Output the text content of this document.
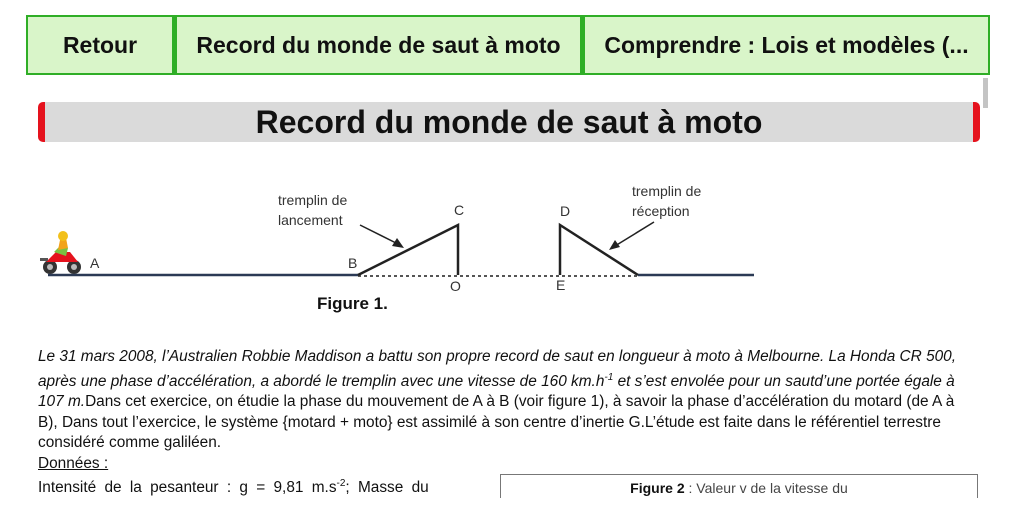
Retour	Record du monde de saut à moto	Comprendre : Lois et modèles (...
Record du monde de saut à moto
tremplin de
lancement
tremplin de
réception
A	B
C
O
D
E
Figure 1.
Le 31 mars 2008, l’Australien Robbie Maddison a battu son propre record de saut en longueur à moto à Melbourne. La Honda CR 500, après une phase d’accélération, a abordé le tremplin avec une vitesse de 160 $km.h^{-1}$ et s’est envolée pour un sautd’une portée égale à 107 m.Dans cet exercice, on étudie la phase du mouvement de A à B (voir figure 1), à savoir la phase d’accélération du motard (de A à B), Dans tout l’exercice, le système {motard + moto} est assimilé à son centre d’inertie G.L’étude est faite dans le référentiel terrestre considéré comme galiléen.
Données :
Intensité de la pesanteur : g = 9,81 $m.s^{-2}$; Masse du	Figure 2 : Valeur v de la vitesse du
